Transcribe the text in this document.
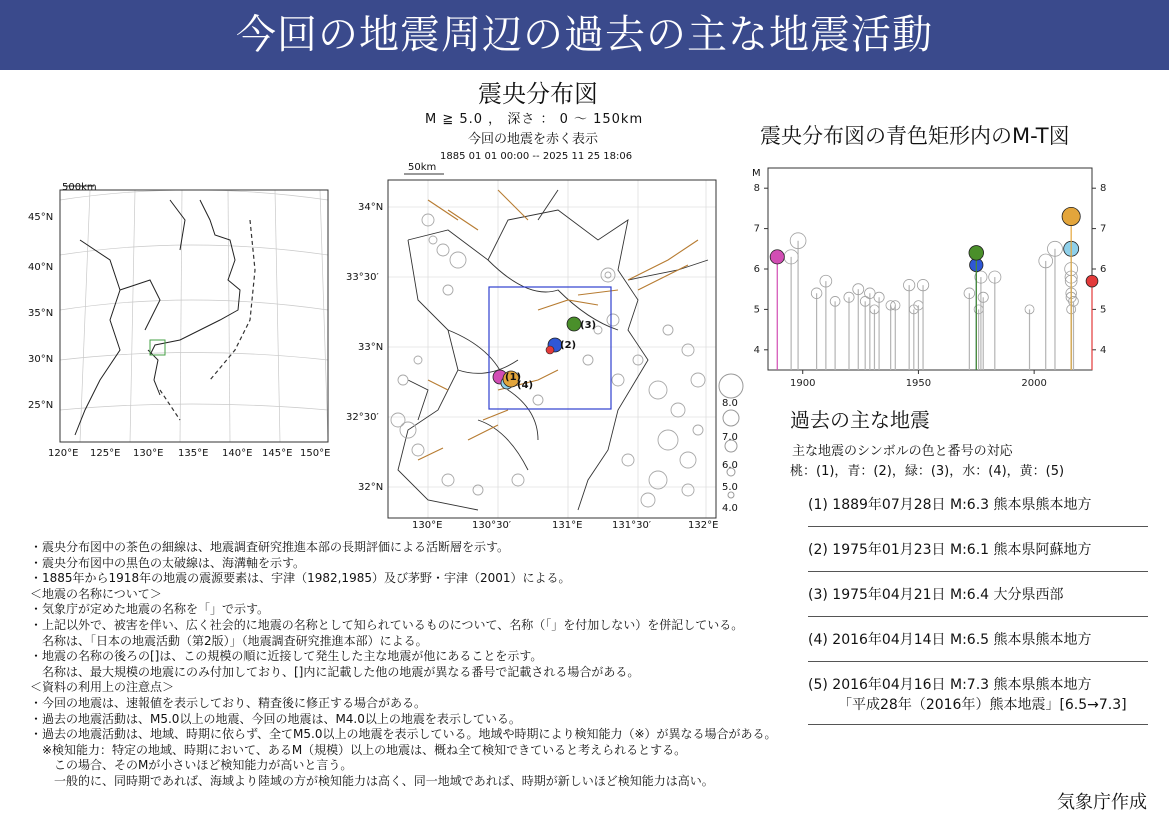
今回の地震周辺の過去の主な地震活動
震央分布図
M ≧ 5.0 ， 深さ ： 0 ～ 150km
今回の地震を赤く表示
1885 01 01 00:00 -- 2025 11 25 18:06
500km
45°N
40°N
35°N
30°N
25°N
120°E 125°E 130°E 135°E 140°E 145°E 150°E
50km
34°N
33°30′
33°N
32°30′
32°N
130°E	130°30′	131°E	131°30′	132°E
(1)
(2)
(3)
(4)
8.0
7.0
6.0
5.0
4.0
震央分布図の青色矩形内のM-T図
M
4	4
5	5
6	6
7	7
8	8
1900	1950	2000
過去の主な地震
主な地震のシンボルの色と番号の対応
桃：(1)，青：(2)，緑：(3)，水：(4)，黄：(5)
(1) 1889年07月28日 M:6.3 熊本県熊本地方
(2) 1975年01月23日 M:6.1 熊本県阿蘇地方
(3) 1975年04月21日 M:6.4 大分県西部
(4) 2016年04月14日 M:6.5 熊本県熊本地方
(5) 2016年04月16日 M:7.3 熊本県熊本地方
「平成28年（2016年）熊本地震」[6.5→7.3]
・震央分布図中の茶色の細線は、地震調査研究推進本部の長期評価による活断層を示す。
・震央分布図中の黒色の太破線は、海溝軸を示す。
・1885年から1918年の地震の震源要素は、宇津（1982,1985）及び茅野・宇津（2001）による。
＜地震の名称について＞
・気象庁が定めた地震の名称を「」で示す。
・上記以外で、被害を伴い、広く社会的に地震の名称として知られているものについて、名称（「」を付加しない）を併記している。
　名称は、「日本の地震活動（第2版）」（地震調査研究推進本部）による。
・地震の名称の後ろの[]は、この規模の順に近接して発生した主な地震が他にあることを示す。
　名称は、最大規模の地震にのみ付加しており、[]内に記載した他の地震が異なる番号で記載される場合がある。
＜資料の利用上の注意点＞
・今回の地震は、速報値を表示しており、精査後に修正する場合がある。
・過去の地震活動は、M5.0以上の地震、今回の地震は、M4.0以上の地震を表示している。
・過去の地震活動は、地域、時期に依らず、全てM5.0以上の地震を表示している。地域や時期により検知能力（※）が異なる場合がある。
　※検知能力：特定の地域、時期において、あるM（規模）以上の地震は、概ね全て検知できていると考えられるとする。
　　この場合、そのMが小さいほど検知能力が高いと言う。
　　一般的に、同時期であれば、海域より陸域の方が検知能力は高く、同一地域であれば、時期が新しいほど検知能力は高い。
気象庁作成
